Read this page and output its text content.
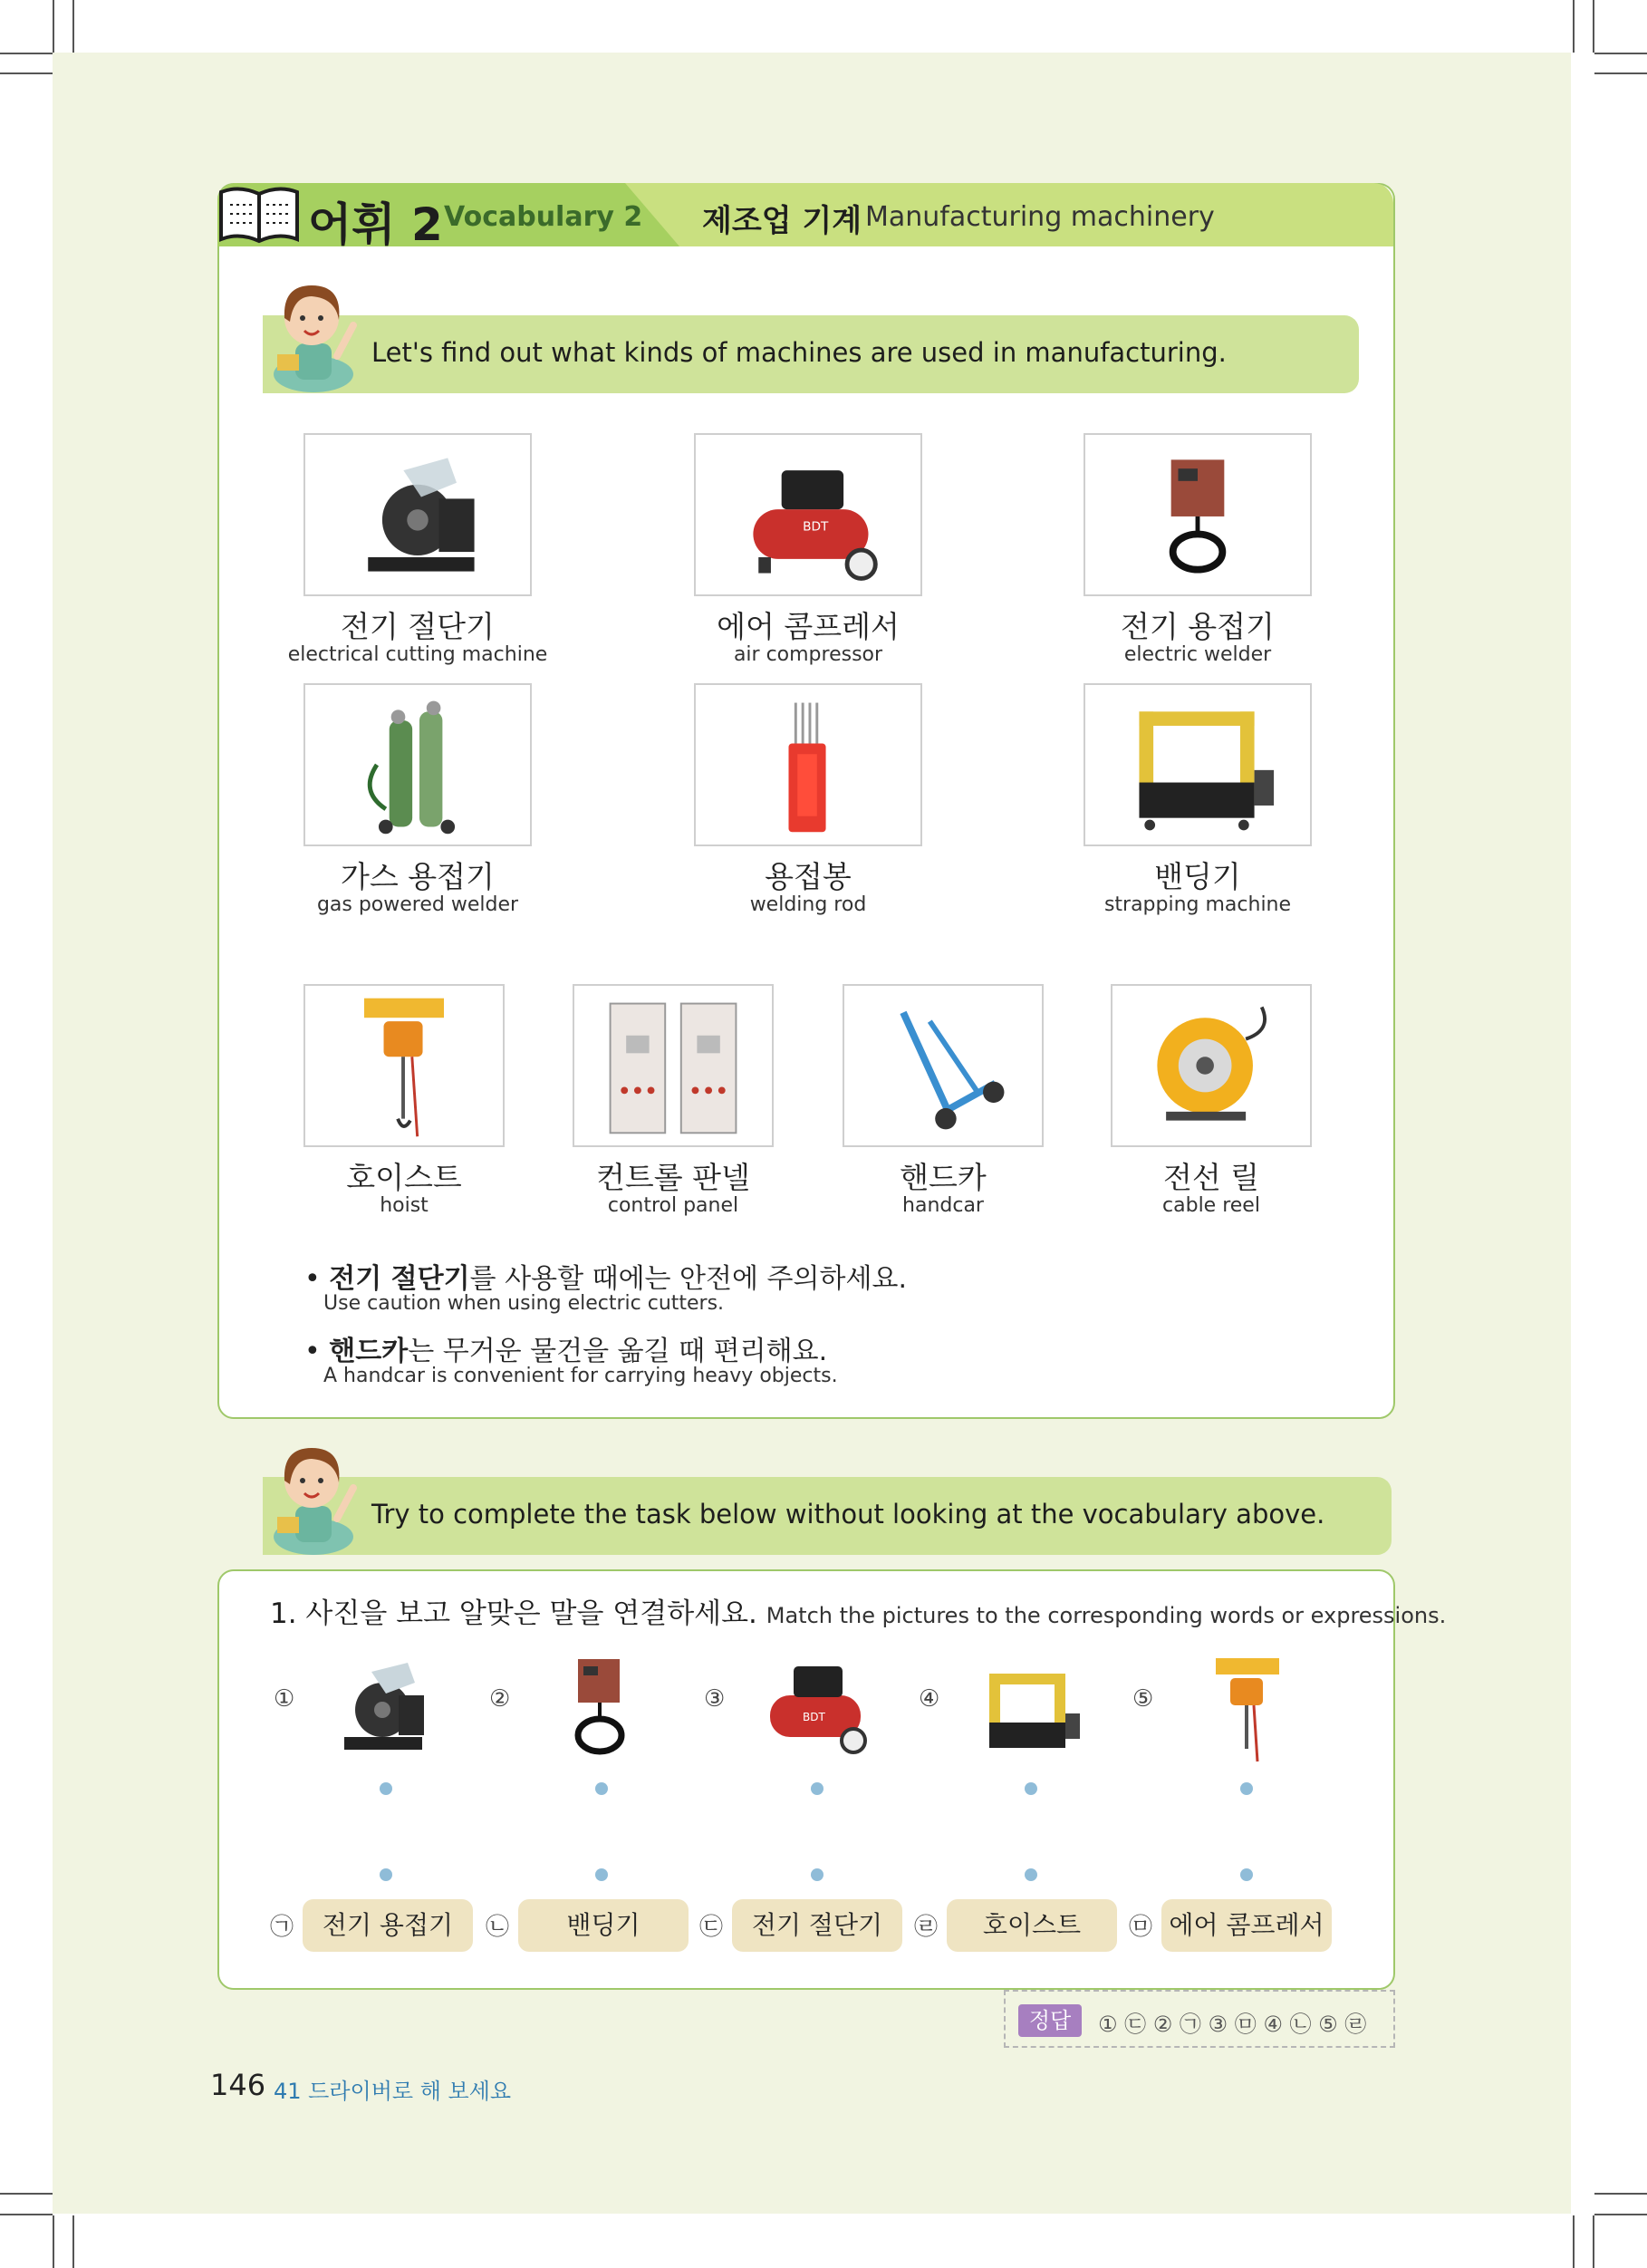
어휘 2 Vocabulary 2 제조업 기계 Manufacturing machinery
Let's find out what kinds of machines are used in manufacturing.
전기 절단기
electrical cutting machine
BDT
에어 콤프레서
air compressor
전기 용접기
electric welder
가스 용접기
gas powered welder
용접봉
welding rod
밴딩기
strapping machine
호이스트
hoist
컨트롤 판넬
control panel
핸드카
handcar
전선 릴
cable reel
• 전기 절단기를 사용할 때에는 안전에 주의하세요.
Use caution when using electric cutters.
• 핸드카는 무거운 물건을 옮길 때 편리해요.
A handcar is convenient for carrying heavy objects.
Try to complete the task below without looking at the vocabulary above.
1. 사진을 보고 알맞은 말을 연결하세요. Match the pictures to the corresponding words or expressions.
①	②	③
BDT
④	⑤
㉠	전기 용접기	㉡	밴딩기	㉢	전기 절단기	㉣	호이스트	㉤ 에어 콤프레서
정답	① ㉢ ② ㉠ ③ ㉤ ④ ㉡ ⑤ ㉣
146 41 드라이버로 해 보세요
